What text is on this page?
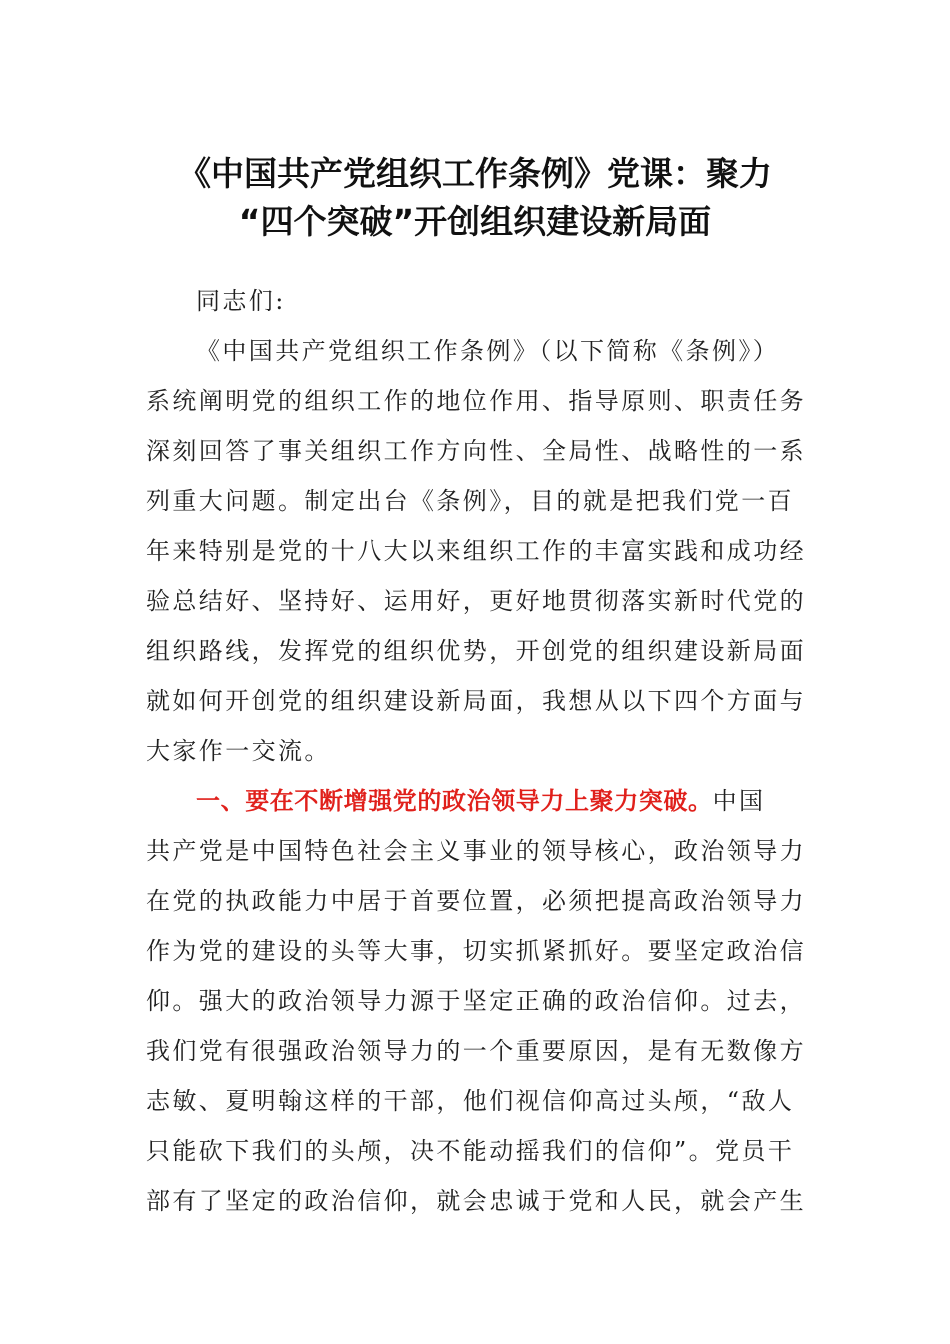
《中国共产党组织工作条例》党课：聚力
“四个突破”开创组织建设新局面
同志们:
《中国共产党组织工作条例》（以下简称《条例》）
系统阐明党的组织工作的地位作用、指导原则、职责任务
深刻回答了事关组织工作方向性、全局性、战略性的一系
列重大问题。制定出台《条例》，目的就是把我们党一百
年来特别是党的十八大以来组织工作的丰富实践和成功经
验总结好、坚持好、运用好，更好地贯彻落实新时代党的
组织路线，发挥党的组织优势，开创党的组织建设新局面
就如何开创党的组织建设新局面，我想从以下四个方面与
大家作一交流。
一、要在不断增强党的政治领导力上聚力突破。中国
共产党是中国特色社会主义事业的领导核心，政治领导力
在党的执政能力中居于首要位置，必须把提高政治领导力
作为党的建设的头等大事，切实抓紧抓好。要坚定政治信
仰。强大的政治领导力源于坚定正确的政治信仰。过去，
我们党有很强政治领导力的一个重要原因，是有无数像方
志敏、夏明翰这样的干部，他们视信仰高过头颅，“敌人
只能砍下我们的头颅，决不能动摇我们的信仰”。党员干
部有了坚定的政治信仰，就会忠诚于党和人民，就会产生
